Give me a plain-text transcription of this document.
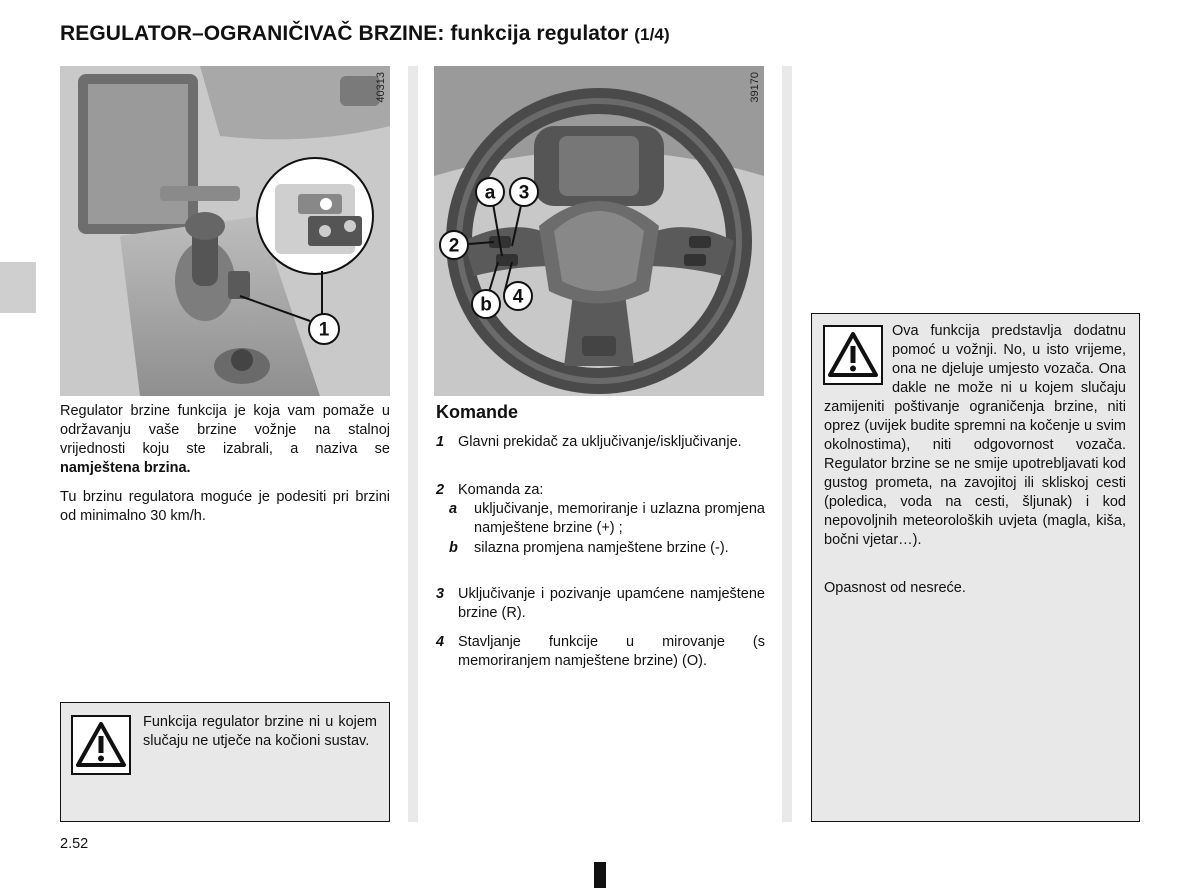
REGULATOR–OGRANIČIVAČ BRZINE: funkcija regulator (1/4)
1
40313
a 3
2
b 4
39170
Regulator brzine funkcija je koja vam pomaže u održavanju vaše brzine vožnje na stalnoj vrijednosti koju ste izabrali, a naziva se namještena brzina.
Tu brzinu regulatora moguće je podesiti pri brzini od minimalno 30 km/h.
Funkcija regulator brzine ni u kojem slučaju ne utječe na kočioni sustav.
Komande
1 Glavni prekidač za uključivanje/isključivanje.
2 Komanda za:
a uključivanje, memoriranje i uzlazna promjena namještene brzine (+) ;
b silazna promjena namještene brzine (-).
3 Uključivanje i pozivanje upamćene namještene brzine (R).
4 Stavljanje funkcije u mirovanje (s memoriranjem namještene brzine) (O).
Ova funkcija predstavlja dodatnu pomoć u vožnji. No, u isto vrijeme, ona ne djeluje umjesto vozača. Ona dakle ne može ni u kojem slučaju zamijeniti poštivanje ograničenja brzine, niti oprez (uvijek budite spremni na kočenje u svim okolnostima), niti odgovornost vozača. Regulator brzine se ne smije upotrebljavati kod gustog prometa, na zavojitoj ili skliskoj cesti (poledica, voda na cesti, šljunak) i kod nepovoljnih meteoroloških uvjeta (magla, kiša, bočni vjetar…).
Opasnost od nesreće.
2.52
